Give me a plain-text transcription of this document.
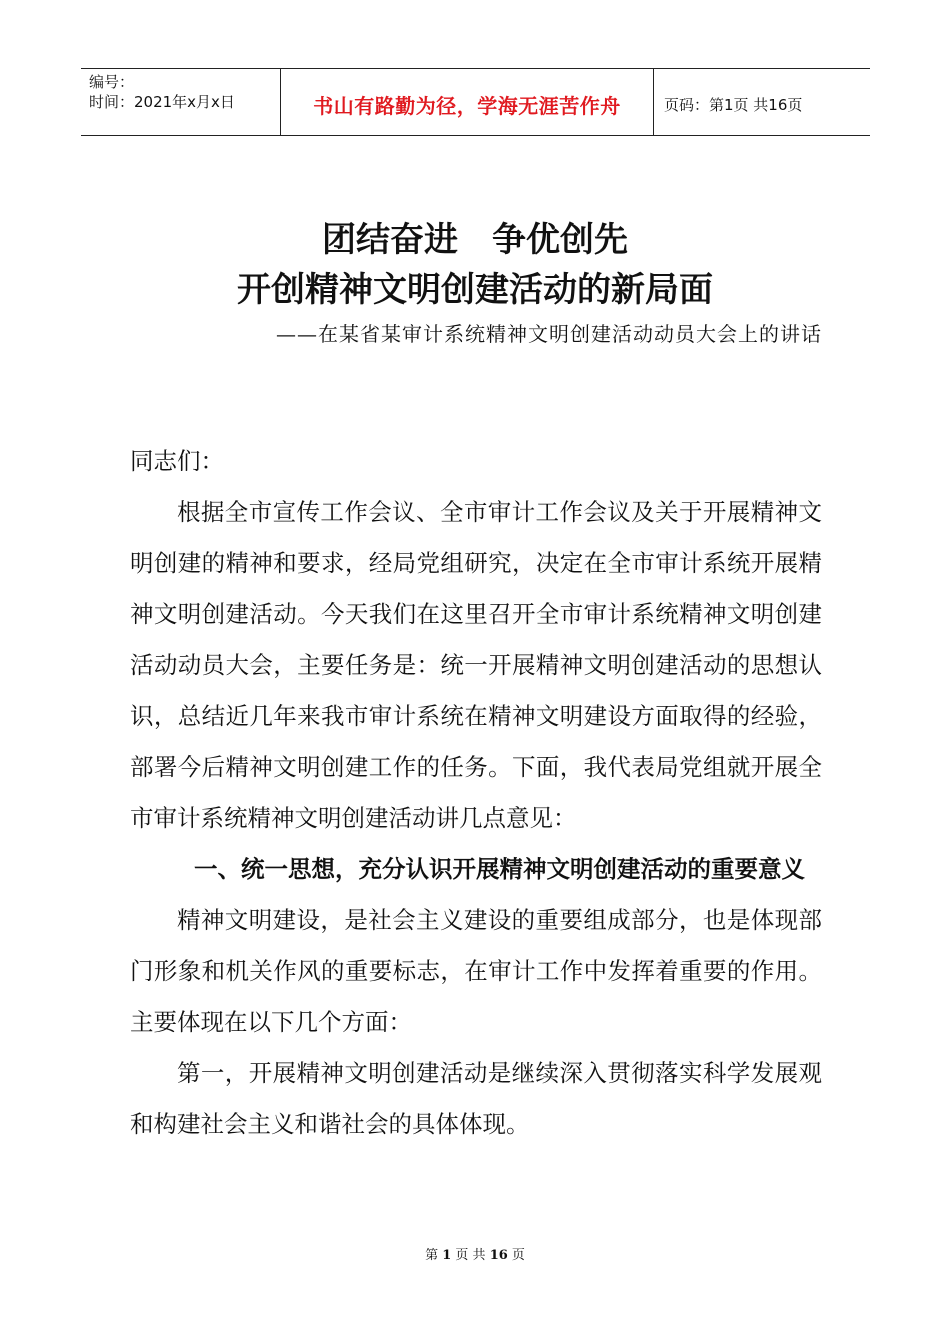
编号：
时间：2021年x月x日	书山有路勤为径，学海无涯苦作舟	页码：第1页 共16页
团结奋进　争优创先
开创精神文明创建活动的新局面
——在某省某审计系统精神文明创建活动动员大会上的讲话
同志们：

根据全市宣传工作会议、全市审计工作会议及关于开展精神文明创建的精神和要求，经局党组研究，决定在全市审计系统开展精神文明创建活动。今天我们在这里召开全市审计系统精神文明创建活动动员大会，主要任务是：统一开展精神文明创建活动的思想认识，总结近几年来我市审计系统在精神文明建设方面取得的经验，部署今后精神文明创建工作的任务。下面，我代表局党组就开展全市审计系统精神文明创建活动讲几点意见：

一、统一思想，充分认识开展精神文明创建活动的重要意义

精神文明建设，是社会主义建设的重要组成部分，也是体现部门形象和机关作风的重要标志，在审计工作中发挥着重要的作用。主要体现在以下几个方面：

第一，开展精神文明创建活动是继续深入贯彻落实科学发展观和构建社会主义和谐社会的具体体现。

第 1 页 共 16 页
